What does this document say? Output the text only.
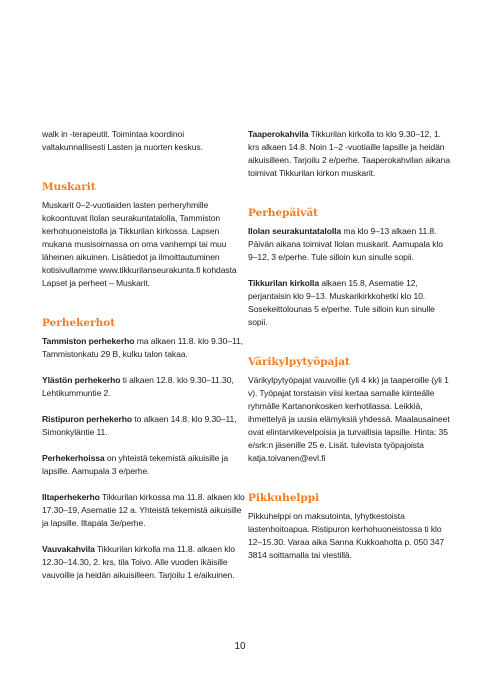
walk in -terapeutit. Toimintaa koordinoi valtakunnallisesti Lasten ja nuorten keskus.

Muskarit

Muskarit 0–2-vuotiaiden lasten perheryhmille kokoontuvat Ilolan seurakuntatalolla, Tammiston kerhohuoneistolla ja Tikkurilan kirkossa. Lapsen mukana musisoimassa on oma vanhempi tai muu läheinen aikuinen. Lisätiedot ja ilmoittautuminen kotisivullamme www.tikkurilanseurakunta.fi kohdasta Lapset ja perheet – Muskarit.

Perhekerhot

Tammiston perhekerho ma alkaen 11.8. klo 9.30–11, Tammistonkatu 29 B, kulku talon takaa.

Ylästön perhekerho ti alkaen 12.8. klo 9.30–11.30, Lehtikummuntie 2.

Ristipuron perhekerho to alkaen 14.8. klo 9.30–11, Simonkyläntie 11.

Perhekerhoissa on yhteistä tekemistä aikuisille ja lapsille. Aamupala 3 e/perhe.

Iltaperhekerho Tikkurilan kirkossa ma 11.8. alkaen klo 17.30–19, Asematie 12 a. Yhteistä tekemistä aikuisille ja lapsille. Iltapala 3e/perhe.

Vauvakahvila Tikkurilan kirkolla ma 11.8. alkaen klo 12.30–14.30, 2. krs, tila Toivo. Alle vuoden ikäisille vauvoille ja heidän aikuisilleen. Tarjoilu 1 e/aikuinen.

Taaperokahvila Tikkurilan kirkolla to klo 9.30–12, 1. krs alkaen 14.8. Noin 1–2 -vuotiaille lapsille ja heidän aikuisilleen. Tarjoilu 2 e/perhe. Taaperokahvilan aikana toimivat Tikkurilan kirkon muskarit.

Perhepäivät

Ilolan seurakuntatalolla ma klo 9–13 alkaen 11.8. Päivän aikana toimivat Ilolan muskarit. Aamupala klo 9–12, 3 e/perhe. Tule silloin kun sinulle sopii.

Tikkurilan kirkolla alkaen 15.8, Asematie 12, perjantaisin klo 9–13. Muskarikirkkohetki klo 10. Sosekeittolounas 5 e/perhe. Tule silloin kun sinulle sopii.

Värikylpytyöpajat

Värikylpytyöpajat vauvoille (yli 4 kk) ja taaperoille (yli 1 v). Työpajat torstaisin viisi kertaa samalle kiinteälle ryhmälle Kartanonkosken kerhotilassa. Leikkiä, ihmettelyä ja uusia elämyksiä yhdessä. Maalausaineet ovat elintarvikevelpoisia ja turvallisia lapsille. Hinta: 35 e/srk:n jäsenille 25 e. Lisät. tulevista työpajoista katja.toivanen@evl.fi

Pikkuhelppi

Pikkuhelppi on maksutointa, lyhytkestoista lastenhoitoapua. Ristipuron kerhohuoneistossa ti klo 12–15.30. Varaa aika Sanna Kukkoaholta p. 050 347 3814 soittamalla tai viestillä.

10
